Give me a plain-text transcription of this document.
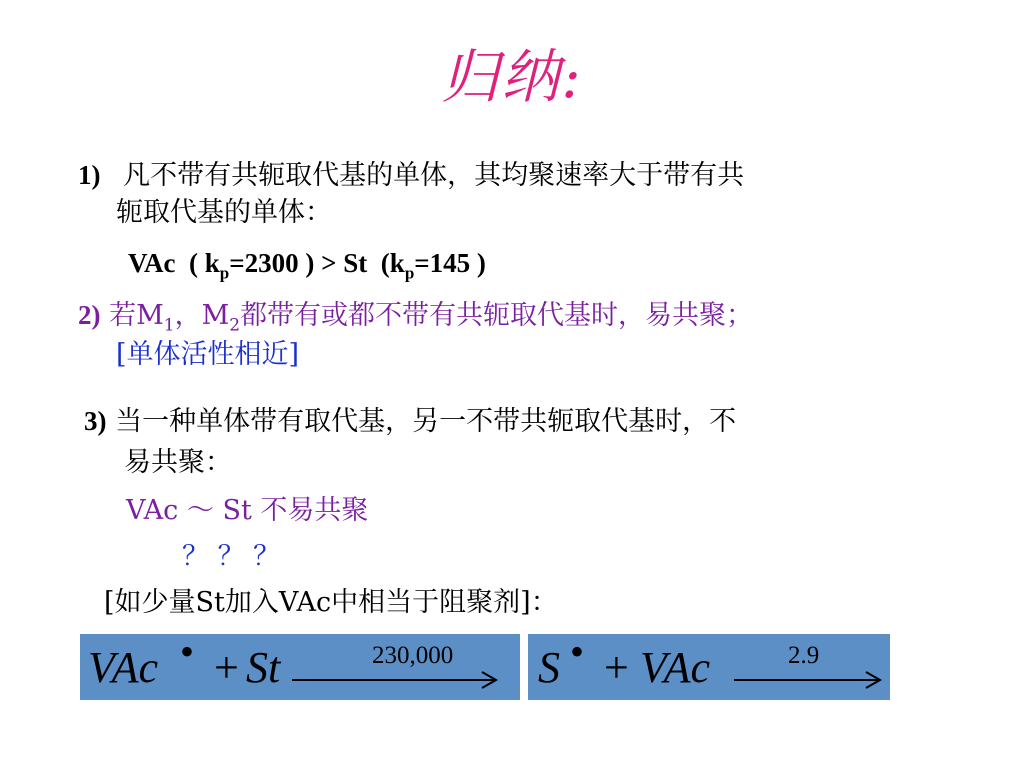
归纳:
1) 凡不带有共轭取代基的单体，其均聚速率大于带有共
轭取代基的单体：
VAc ( $k_p=2300$ ) > St ($k_p=145$ )
2) 若$M_1$，$M_2$都带有或都不带有共轭取代基时，易共聚；
[单体活性相近]
3) 当一种单体带有取代基，另一不带共轭取代基时，不
易共聚：
VAc ～ St 不易共聚
？ ？ ？
[如少量St加入VAc中相当于阻聚剂]：
VAc • + St	230,000 S • + VAc	2.9
